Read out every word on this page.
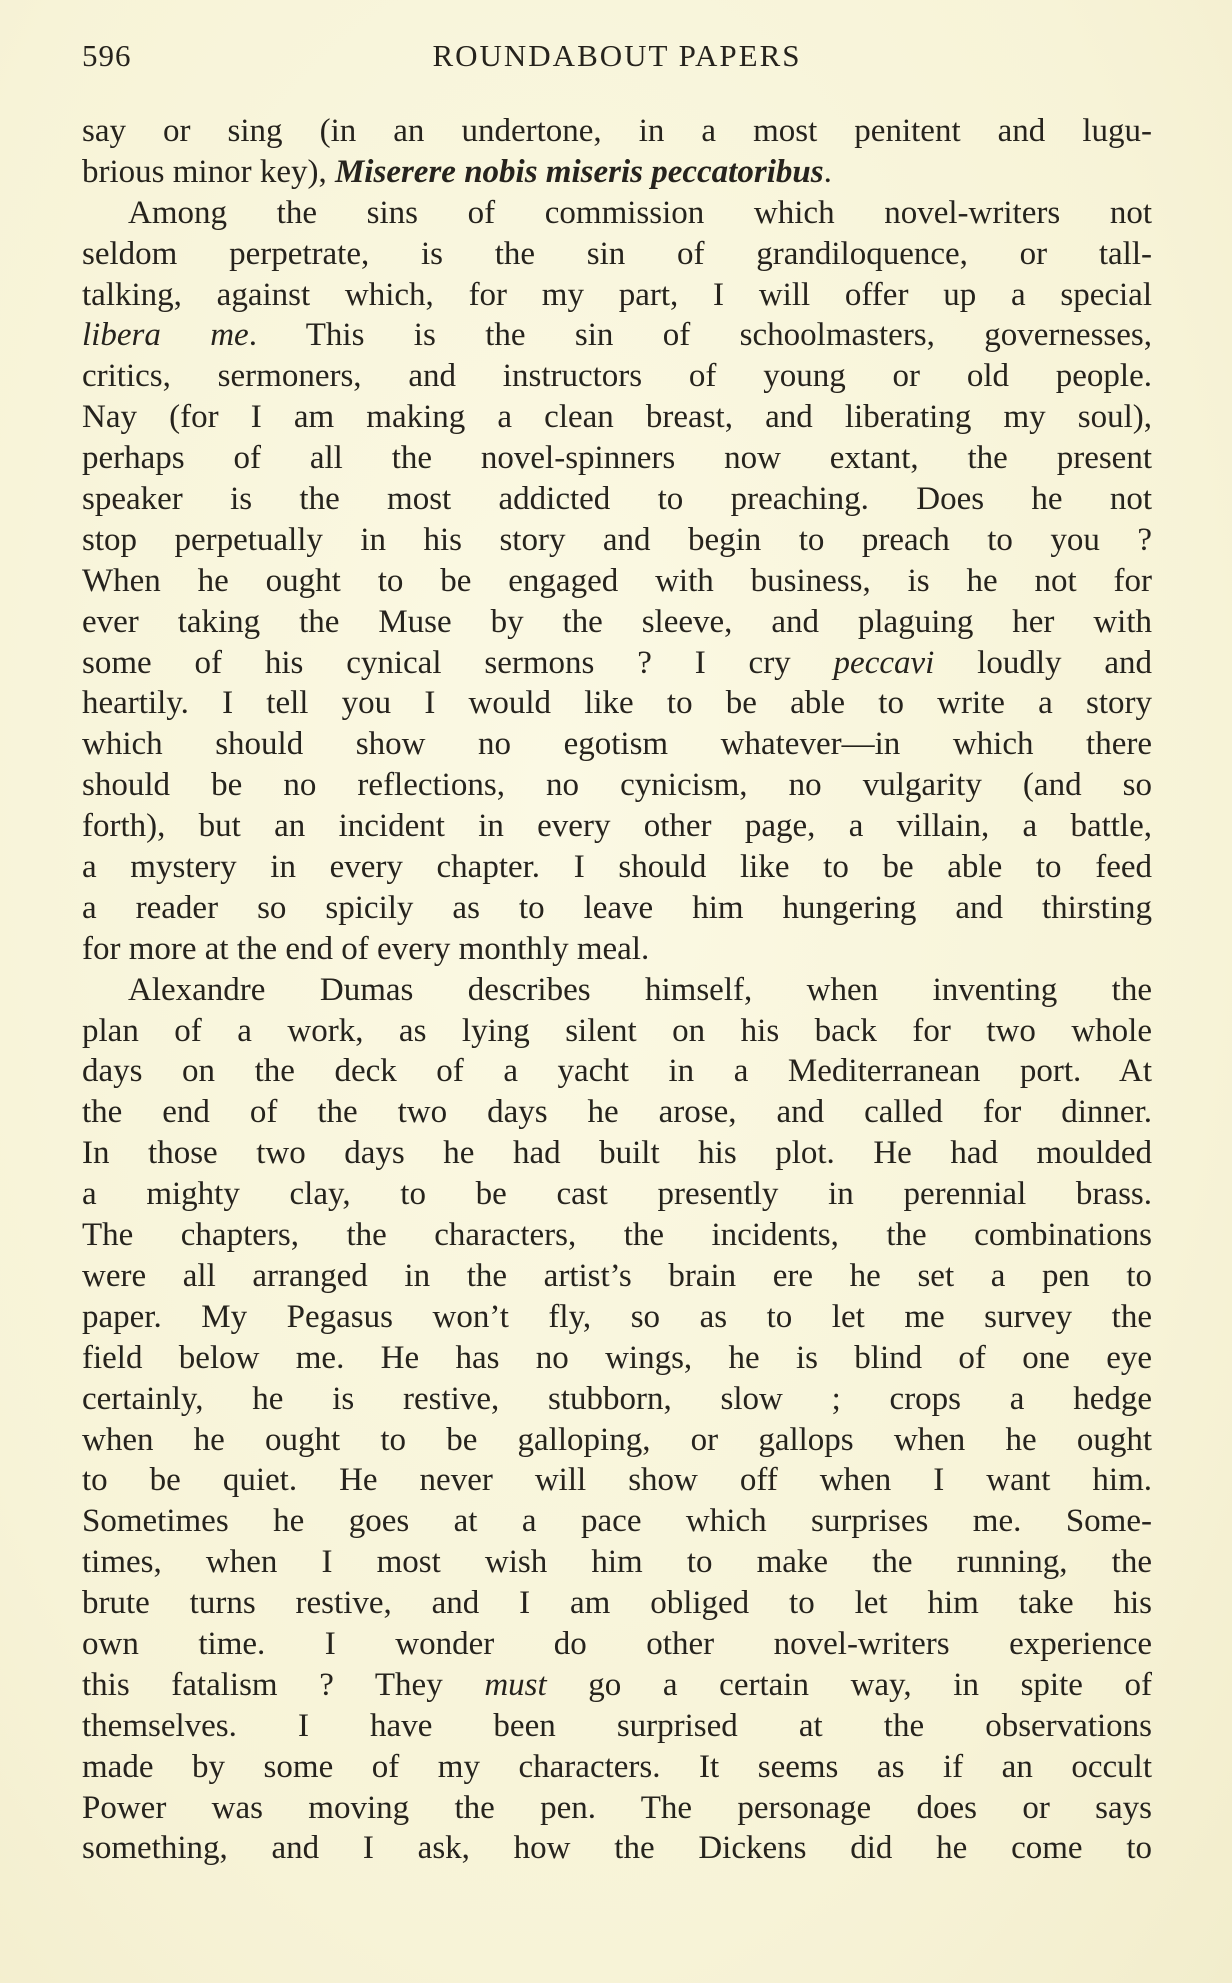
596	ROUNDABOUT PAPERS
say or sing (in an undertone, in a most penitent and lugu-
brious minor key), Miserere nobis miseris peccatoribus.
Among the sins of commission which novel-writers not
seldom perpetrate, is the sin of grandiloquence, or tall-
talking, against which, for my part, I will offer up a special
libera me. This is the sin of schoolmasters, governesses,
critics, sermoners, and instructors of young or old people.
Nay (for I am making a clean breast, and liberating my soul),
perhaps of all the novel-spinners now extant, the present
speaker is the most addicted to preaching. Does he not
stop perpetually in his story and begin to preach to you ?
When he ought to be engaged with business, is he not for
ever taking the Muse by the sleeve, and plaguing her with
some of his cynical sermons ? I cry peccavi loudly and
heartily. I tell you I would like to be able to write a story
which should show no egotism whatever—in which there
should be no reflections, no cynicism, no vulgarity (and so
forth), but an incident in every other page, a villain, a battle,
a mystery in every chapter. I should like to be able to feed
a reader so spicily as to leave him hungering and thirsting
for more at the end of every monthly meal.
Alexandre Dumas describes himself, when inventing the
plan of a work, as lying silent on his back for two whole
days on the deck of a yacht in a Mediterranean port. At
the end of the two days he arose, and called for dinner.
In those two days he had built his plot. He had moulded
a mighty clay, to be cast presently in perennial brass.
The chapters, the characters, the incidents, the combinations
were all arranged in the artist’s brain ere he set a pen to
paper. My Pegasus won’t fly, so as to let me survey the
field below me. He has no wings, he is blind of one eye
certainly, he is restive, stubborn, slow ; crops a hedge
when he ought to be galloping, or gallops when he ought
to be quiet. He never will show off when I want him.
Sometimes he goes at a pace which surprises me. Some-
times, when I most wish him to make the running, the
brute turns restive, and I am obliged to let him take his
own time. I wonder do other novel-writers experience
this fatalism ? They must go a certain way, in spite of
themselves. I have been surprised at the observations
made by some of my characters. It seems as if an occult
Power was moving the pen. The personage does or says
something, and I ask, how the Dickens did he come to
